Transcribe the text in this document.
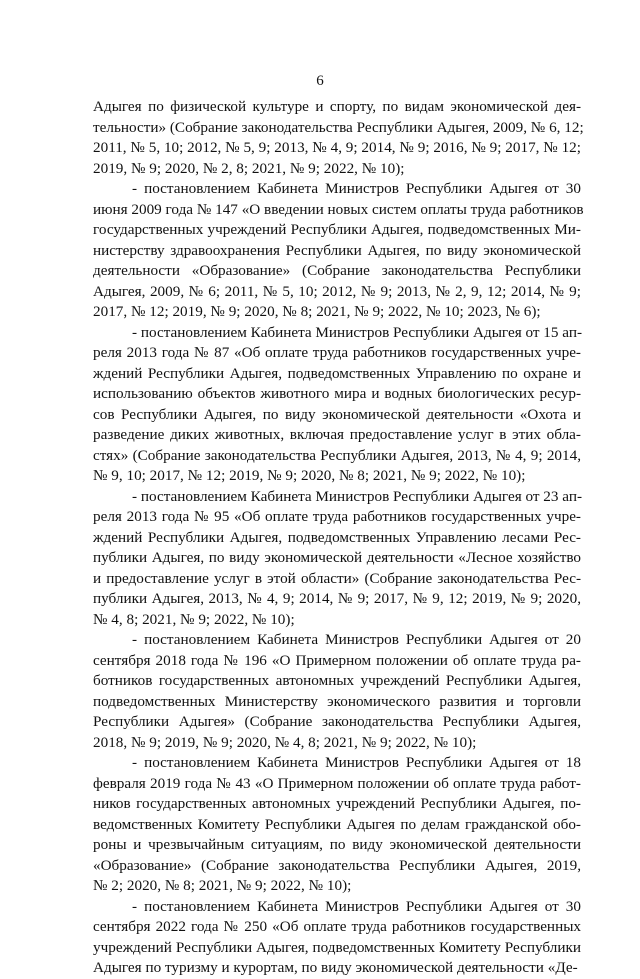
6
Адыгея по физической культуре и спорту, по видам экономической дея-
тельности» (Собрание законодательства Республики Адыгея, 2009, № 6, 12;
2011, № 5, 10; 2012, № 5, 9; 2013, № 4, 9; 2014, № 9; 2016, № 9; 2017, № 12;
2019, № 9; 2020, № 2, 8; 2021, № 9; 2022, № 10);
- постановлением Кабинета Министров Республики Адыгея от 30
июня 2009 года № 147 «О введении новых систем оплаты труда работников
государственных учреждений Республики Адыгея, подведомственных Ми-
нистерству здравоохранения Республики Адыгея, по виду экономической
деятельности «Образование» (Собрание законодательства Республики
Адыгея, 2009, № 6; 2011, № 5, 10; 2012, № 9; 2013, № 2, 9, 12; 2014, № 9;
2017, № 12; 2019, № 9; 2020, № 8; 2021, № 9; 2022, № 10; 2023, № 6);
- постановлением Кабинета Министров Республики Адыгея от 15 ап-
реля 2013 года № 87 «Об оплате труда работников государственных учре-
ждений Республики Адыгея, подведомственных Управлению по охране и
использованию объектов животного мира и водных биологических ресур-
сов Республики Адыгея, по виду экономической деятельности «Охота и
разведение диких животных, включая предоставление услуг в этих обла-
стях» (Собрание законодательства Республики Адыгея, 2013, № 4, 9; 2014,
№ 9, 10; 2017, № 12; 2019, № 9; 2020, № 8; 2021, № 9; 2022, № 10);
- постановлением Кабинета Министров Республики Адыгея от 23 ап-
реля 2013 года № 95 «Об оплате труда работников государственных учре-
ждений Республики Адыгея, подведомственных Управлению лесами Рес-
публики Адыгея, по виду экономической деятельности «Лесное хозяйство
и предоставление услуг в этой области» (Собрание законодательства Рес-
публики Адыгея, 2013, № 4, 9; 2014, № 9; 2017, № 9, 12; 2019, № 9; 2020,
№ 4, 8; 2021, № 9; 2022, № 10);
- постановлением Кабинета Министров Республики Адыгея от 20
сентября 2018 года № 196 «О Примерном положении об оплате труда ра-
ботников государственных автономных учреждений Республики Адыгея,
подведомственных Министерству экономического развития и торговли
Республики Адыгея» (Собрание законодательства Республики Адыгея,
2018, № 9; 2019, № 9; 2020, № 4, 8; 2021, № 9; 2022, № 10);
- постановлением Кабинета Министров Республики Адыгея от 18
февраля 2019 года № 43 «О Примерном положении об оплате труда работ-
ников государственных автономных учреждений Республики Адыгея, по-
ведомственных Комитету Республики Адыгея по делам гражданской обо-
роны и чрезвычайным ситуациям, по виду экономической деятельности
«Образование» (Собрание законодательства Республики Адыгея, 2019,
№ 2; 2020, № 8; 2021, № 9; 2022, № 10);
- постановлением Кабинета Министров Республики Адыгея от 30
сентября 2022 года № 250 «Об оплате труда работников государственных
учреждений Республики Адыгея, подведомственных Комитету Республики
Адыгея по туризму и курортам, по виду экономической деятельности «Де-
